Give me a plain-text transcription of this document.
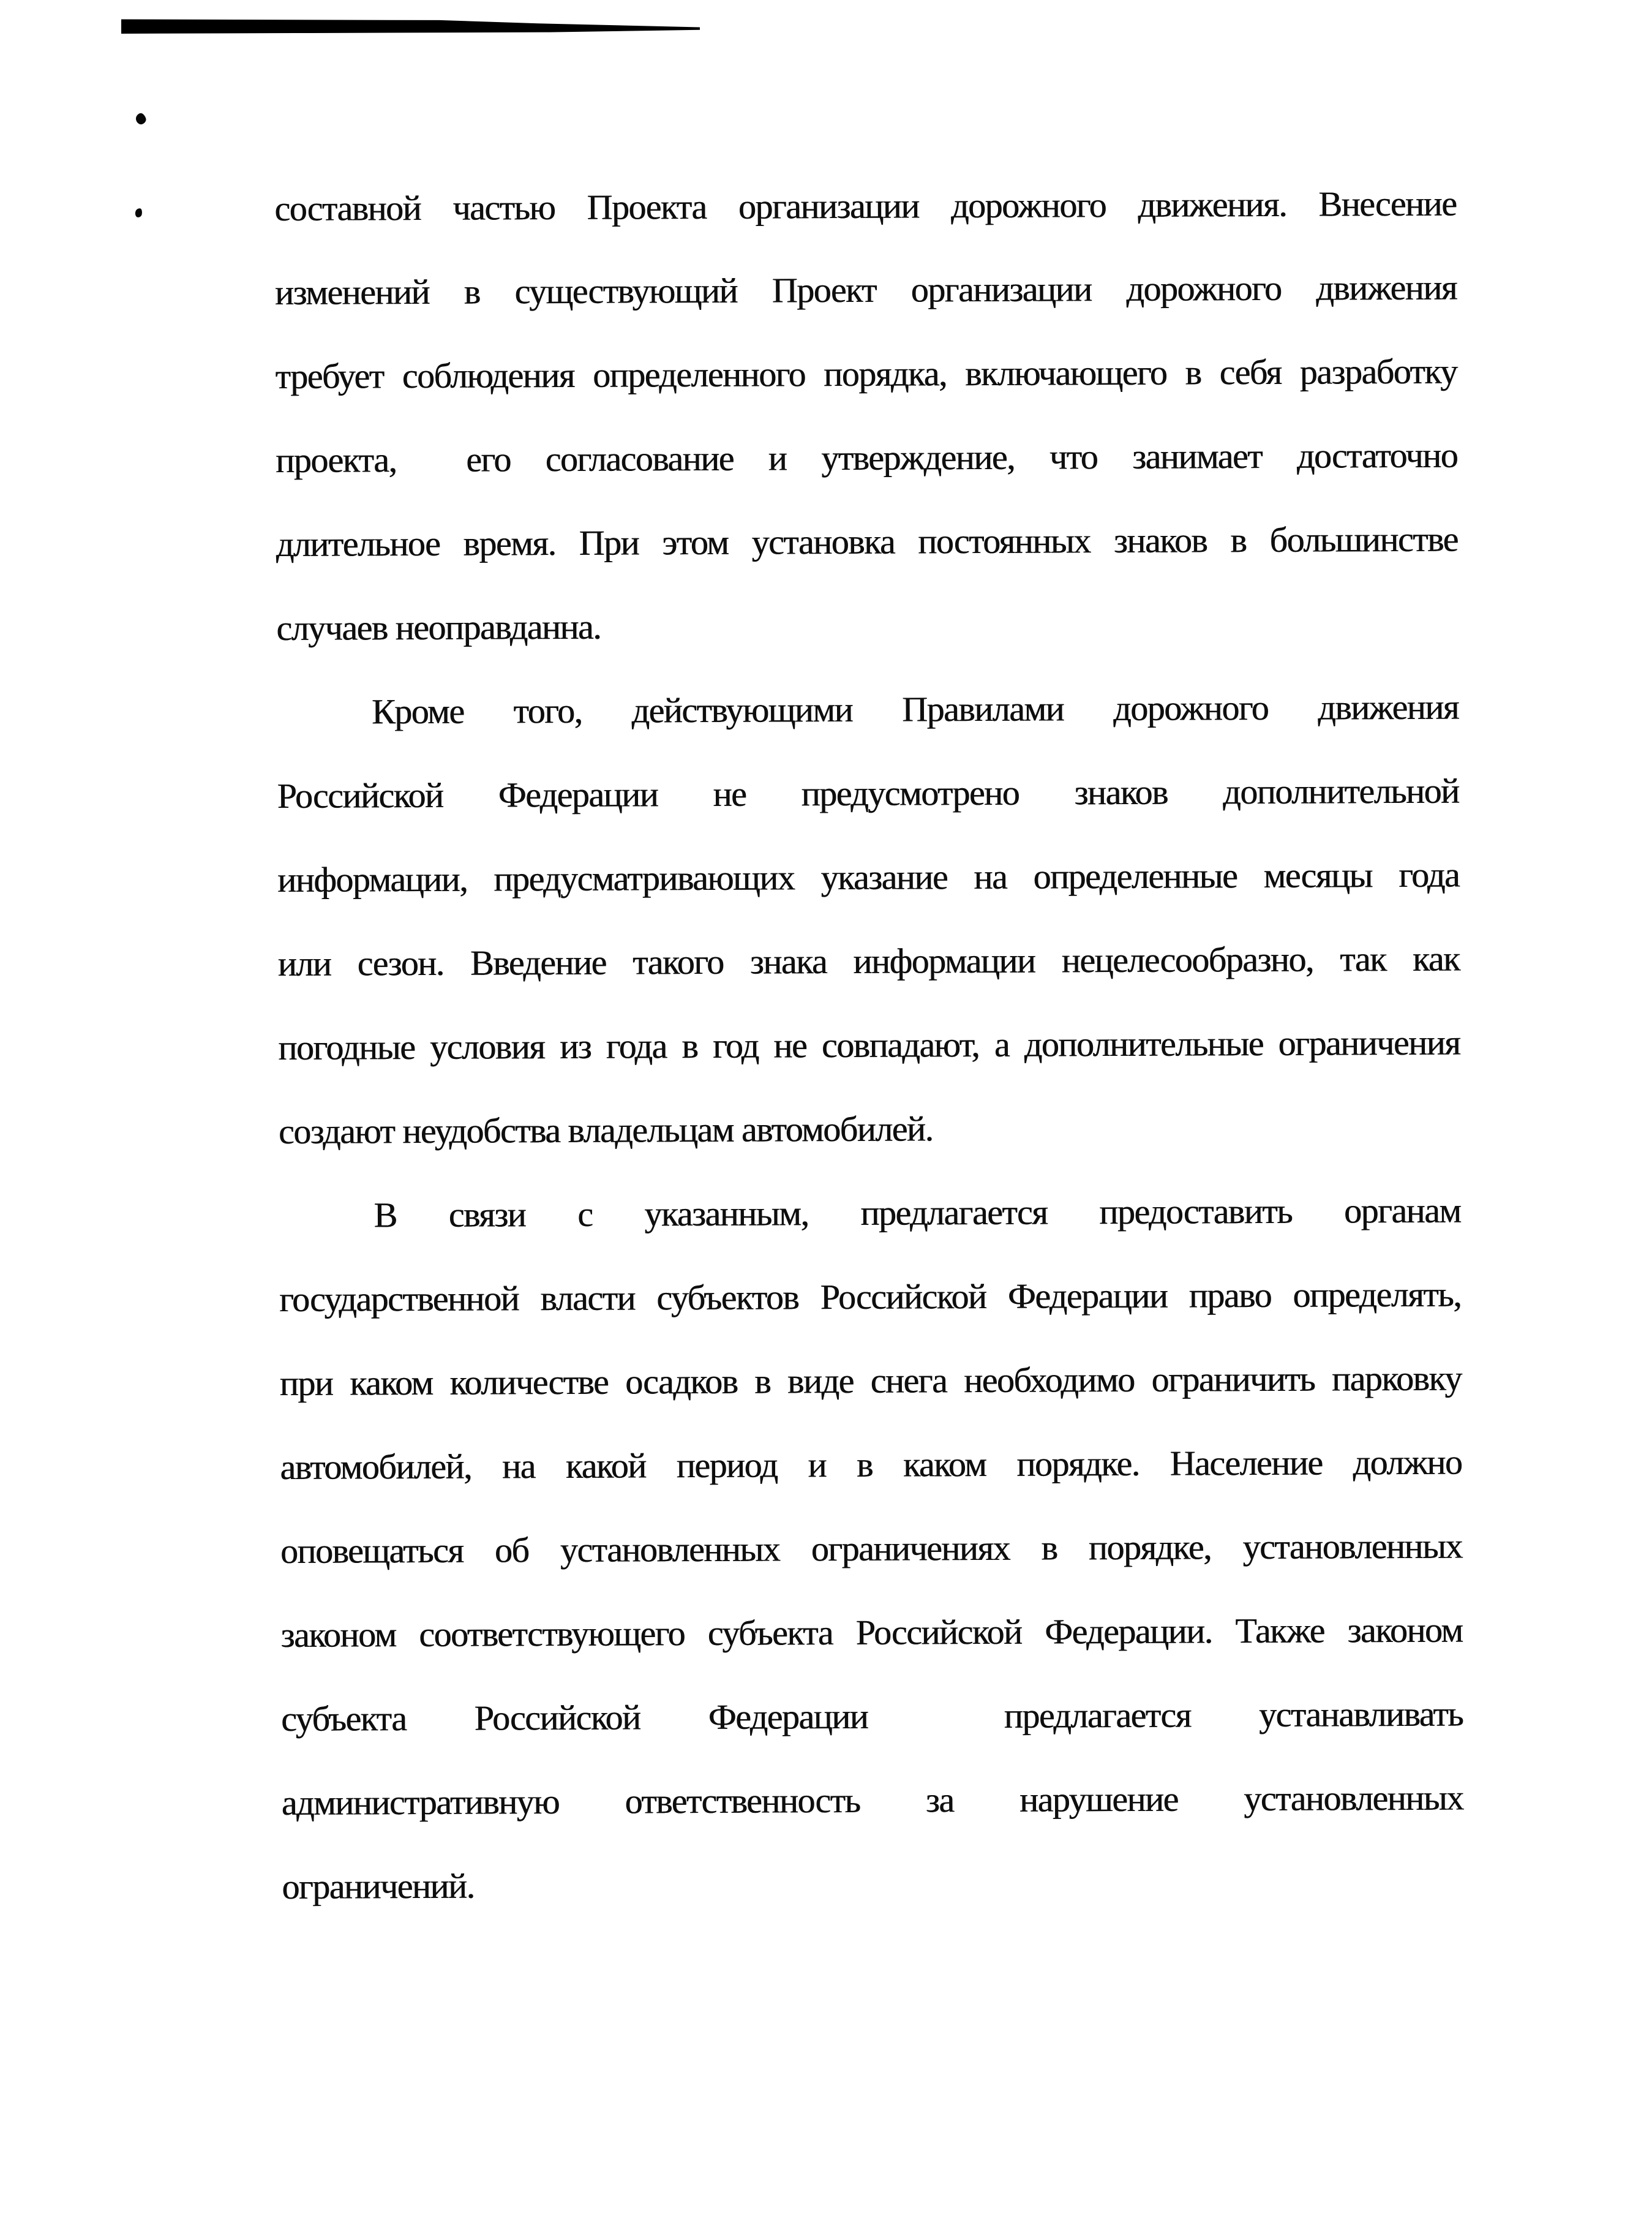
составной частью Проекта организации дорожного движения. Внесение
изменений в существующий Проект организации дорожного движения
требует соблюдения определенного порядка, включающего в себя разработку
проекта,  его согласование и утверждение, что занимает достаточно
длительное время. При этом установка постоянных знаков в большинстве
случаев неоправданна.
Кроме того, действующими Правилами дорожного движения
Российской Федерации не предусмотрено знаков дополнительной
информации, предусматривающих указание на определенные месяцы года
или сезон. Введение такого знака информации нецелесообразно, так как
погодные условия из года в год не совпадают, а дополнительные ограничения
создают неудобства владельцам автомобилей.
В связи с указанным, предлагается предоставить органам
государственной власти субъектов Российской Федерации право определять,
при каком количестве осадков в виде снега необходимо ограничить парковку
автомобилей, на какой период и в каком порядке. Население должно
оповещаться об установленных ограничениях в порядке, установленных
законом соответствующего субъекта Российской Федерации. Также законом
субъекта Российской Федерации  предлагается устанавливать
административную ответственность за нарушение установленных
ограничений.
